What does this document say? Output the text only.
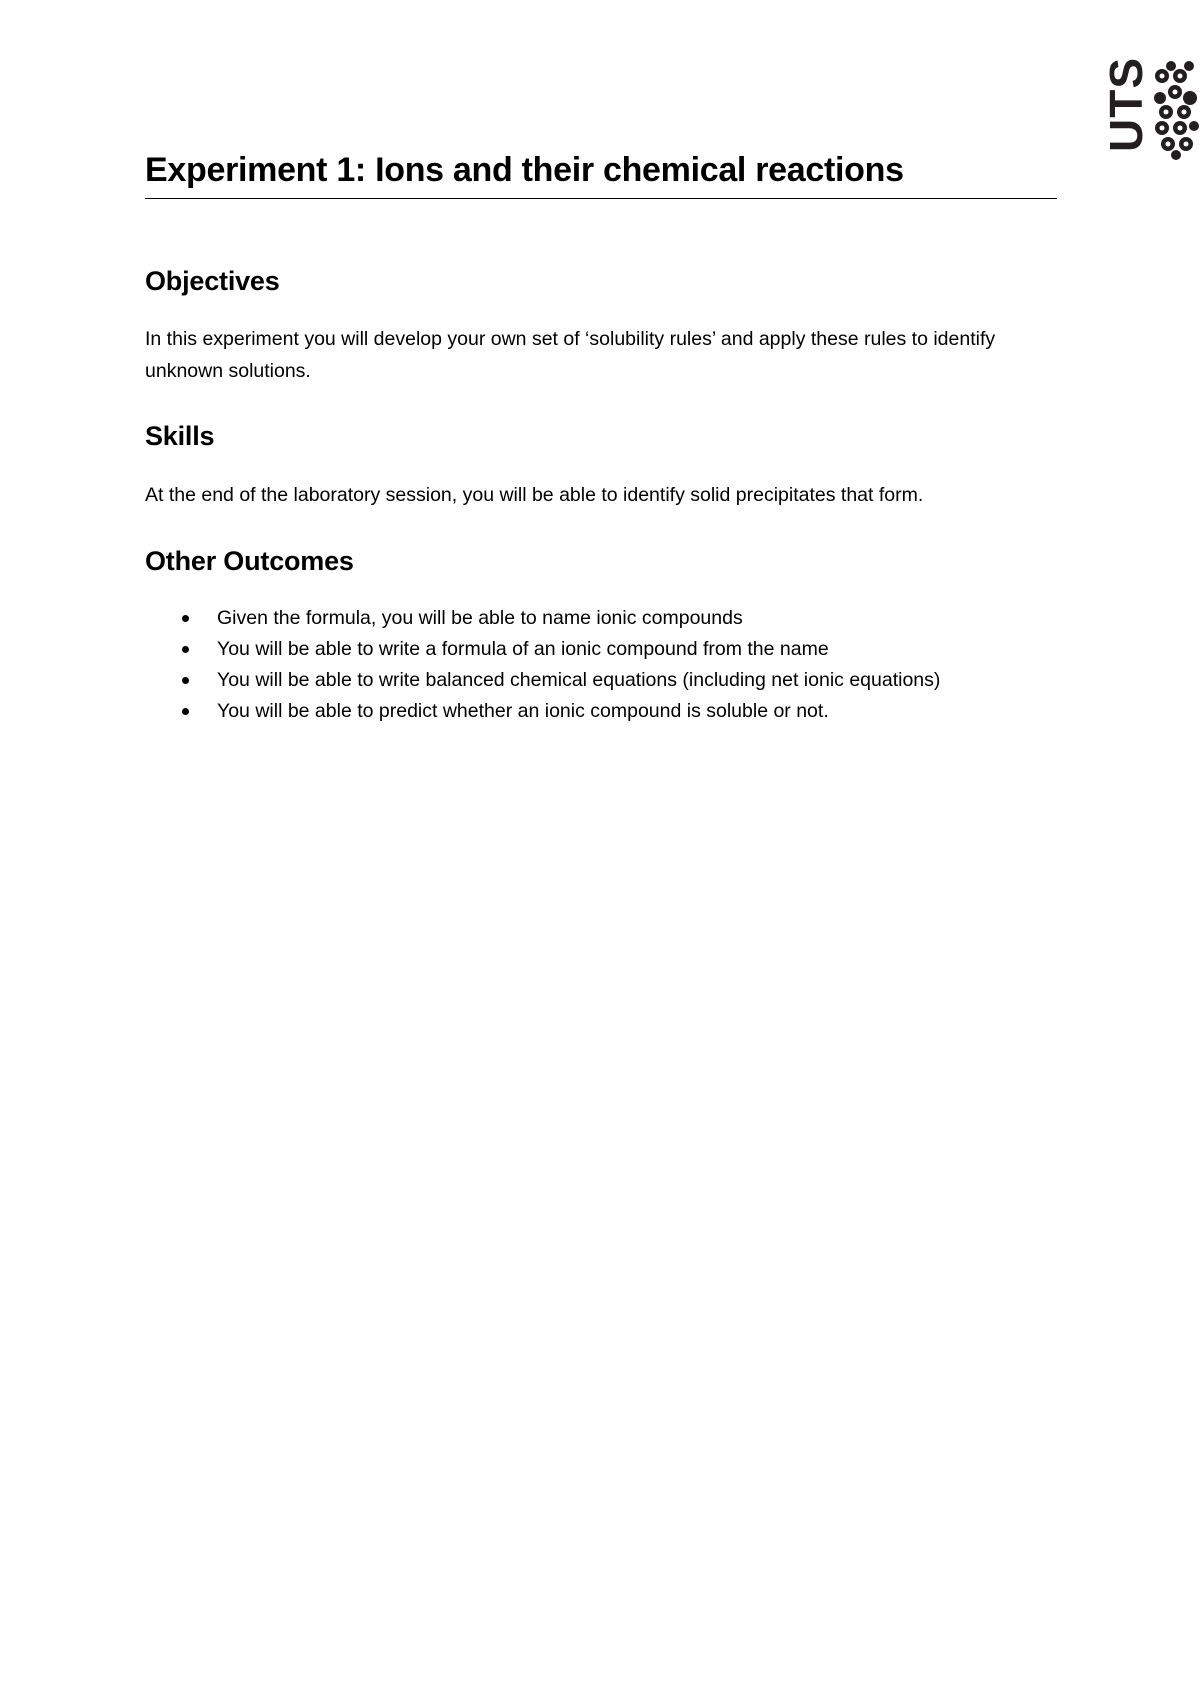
UTS
Experiment 1: Ions and their chemical reactions
Objectives

In this experiment you will develop your own set of ‘solubility rules’ and apply these rules to identify unknown solutions.

Skills

At the end of the laboratory session, you will be able to identify solid precipitates that form.

Other Outcomes
Given the formula, you will be able to name ionic compounds
You will be able to write a formula of an ionic compound from the name
You will be able to write balanced chemical equations (including net ionic equations)
You will be able to predict whether an ionic compound is soluble or not.
